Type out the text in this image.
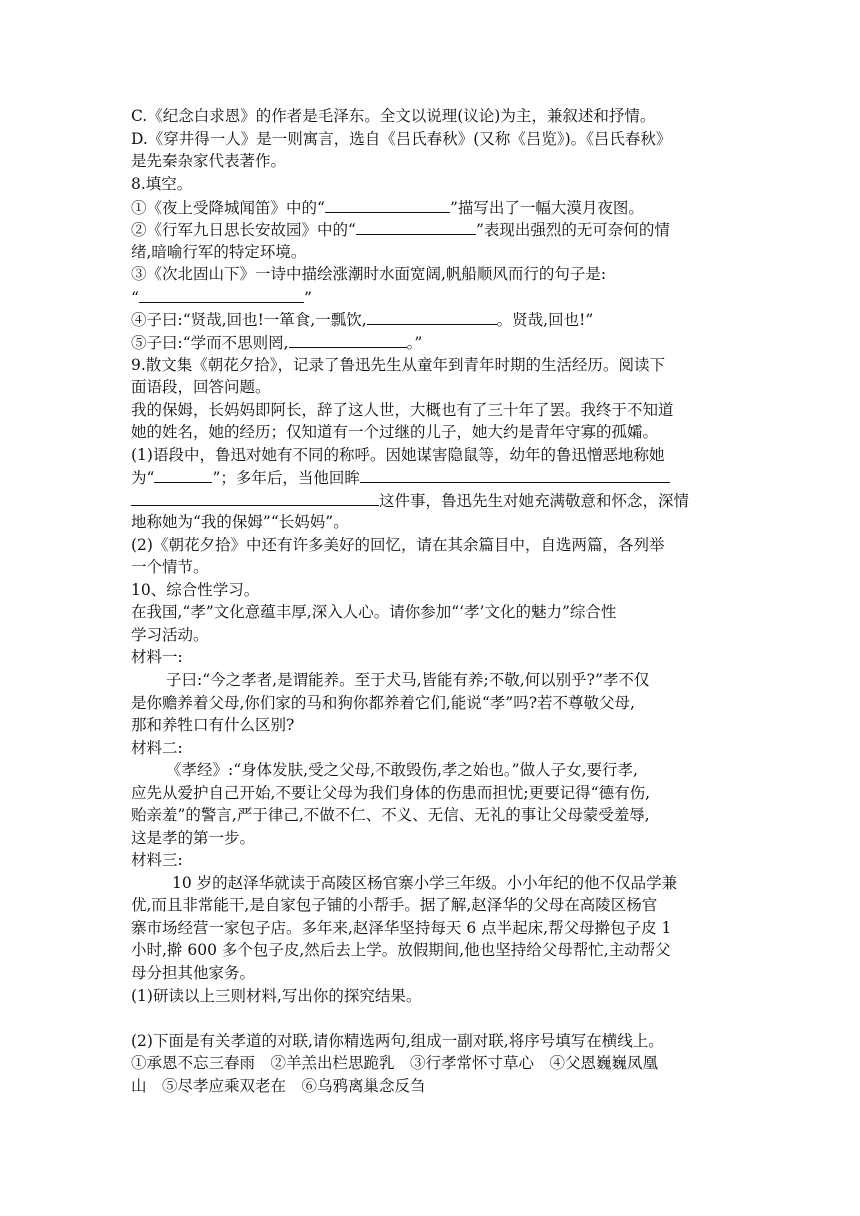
C.《纪念白求恩》的作者是毛泽东。全文以说理(议论)为主，兼叙述和抒情。
D.《穿井得一人》是一则寓言，选自《吕氏春秋》(又称《吕览》)。《吕氏春秋》
是先秦杂家代表著作。
8.填空。
①《夜上受降城闻笛》中的“	”描写出了一幅大漠月夜图。
②《行军九日思长安故园》中的“	”表现出强烈的无可奈何的情
绪,暗喻行军的特定环境。
③《次北固山下》一诗中描绘涨潮时水面宽阔,帆船顺风而行的句子是:
“	”
④子曰:“贤哉,回也!一箪食,一瓢饮,	。贤哉,回也!”
⑤子曰:“学而不思则罔,	。”
9.散文集《朝花夕拾》，记录了鲁迅先生从童年到青年时期的生活经历。阅读下
面语段，回答问题。
我的保姆，长妈妈即阿长，辞了这人世，大概也有了三十年了罢。我终于不知道
她的姓名，她的经历；仅知道有一个过继的儿子，她大约是青年守寡的孤孀。
(1)语段中，鲁迅对她有不同的称呼。因她谋害隐鼠等，幼年的鲁迅憎恶地称她
为“	”；多年后，当他回眸
这件事，鲁迅先生对她充满敬意和怀念，深情
地称她为“我的保姆”“长妈妈”。
(2)《朝花夕拾》中还有许多美好的回忆，请在其余篇目中，自选两篇，各列举
一个情节。
10、综合性学习。
在我国,“孝”文化意蕴丰厚,深入人心。请你参加“‘孝’文化的魅力”综合性
学习活动。
材料一:
子曰:“今之孝者,是谓能养。至于犬马,皆能有养;不敬,何以别乎?”孝不仅
是你赡养着父母,你们家的马和狗你都养着它们,能说“孝”吗?若不尊敬父母,
那和养牲口有什么区别?
材料二:
《孝经》:“身体发肤,受之父母,不敢毁伤,孝之始也。”做人子女,要行孝,
应先从爱护自己开始,不要让父母为我们身体的伤患而担忧;更要记得“德有伤,
贻亲羞”的警言,严于律己,不做不仁、不义、无信、无礼的事让父母蒙受羞辱,
这是孝的第一步。
材料三:
10 岁的赵泽华就读于高陵区杨官寨小学三年级。小小年纪的他不仅品学兼
优,而且非常能干,是自家包子铺的小帮手。据了解,赵泽华的父母在高陵区杨官
寨市场经营一家包子店。多年来,赵泽华坚持每天 6 点半起床,帮父母擀包子皮 1
小时,擀 600 多个包子皮,然后去上学。放假期间,他也坚持给父母帮忙,主动帮父
母分担其他家务。
(1)研读以上三则材料,写出你的探究结果。
(2)下面是有关孝道的对联,请你精选两句,组成一副对联,将序号填写在横线上。
①承恩不忘三春雨　②羊羔出栏思跪乳　③行孝常怀寸草心　④父恩巍巍凤凰
山　⑤尽孝应乘双老在　⑥乌鸦离巢念反刍
